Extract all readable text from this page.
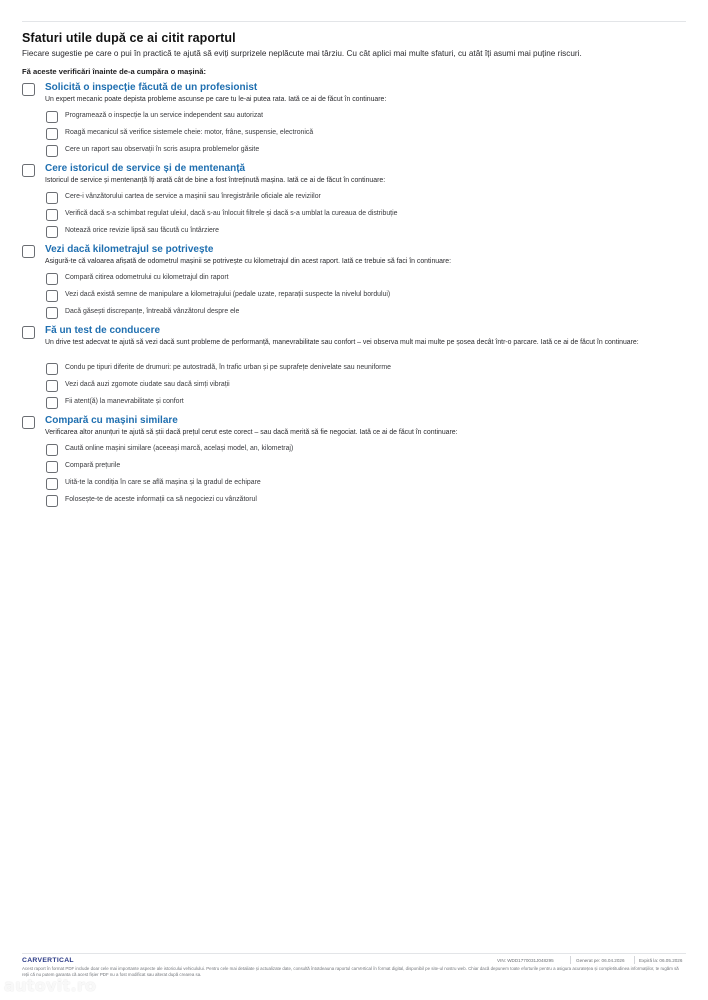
Sfaturi utile după ce ai citit raportul
Fiecare sugestie pe care o pui în practică te ajută să eviți surprizele neplăcute mai târziu. Cu cât aplici mai multe sfaturi, cu atât îți asumi mai puține riscuri.
Fă aceste verificări înainte de-a cumpăra o mașină:
Solicită o inspecție făcută de un profesionist
Un expert mecanic poate depista probleme ascunse pe care tu le-ai putea rata. Iată ce ai de făcut în continuare:
Programează o inspecție la un service independent sau autorizat
Roagă mecanicul să verifice sistemele cheie: motor, frâne, suspensie, electronică
Cere un raport sau observații în scris asupra problemelor găsite
Cere istoricul de service și de mentenanță
Istoricul de service și mentenanță îți arată cât de bine a fost întreținută mașina. Iată ce ai de făcut în continuare:
Cere-i vânzătorului cartea de service a mașinii sau înregistrările oficiale ale reviziilor
Verifică dacă s-a schimbat regulat uleiul, dacă s-au înlocuit filtrele și dacă s-a umblat la cureaua de distribuție
Notează orice revizie lipsă sau făcută cu întârziere
Vezi dacă kilometrajul se potrivește
Asigură-te că valoarea afișată de odometrul mașinii se potrivește cu kilometrajul din acest raport. Iată ce trebuie să faci în continuare:
Compară citirea odometrului cu kilometrajul din raport
Vezi dacă există semne de manipulare a kilometrajului (pedale uzate, reparații suspecte la nivelul bordului)
Dacă găsești discrepanțe, întreabă vânzătorul despre ele
Fă un test de conducere
Un drive test adecvat te ajută să vezi dacă sunt probleme de performanță, manevrabilitate sau confort – vei observa mult mai multe pe șosea decât într-o parcare. Iată ce ai de făcut în continuare:
Condu pe tipuri diferite de drumuri: pe autostradă, în trafic urban și pe suprafețe denivelate sau neuniforme
Vezi dacă auzi zgomote ciudate sau dacă simți vibrații
Fii atent(ă) la manevrabilitate și confort
Compară cu mașini similare
Verificarea altor anunțuri te ajută să știi dacă prețul cerut este corect – sau dacă merită să fie negociat. Iată ce ai de făcut în continuare:
Caută online mașini similare (aceeași marcă, același model, an, kilometraj)
Compară prețurile
Uită-te la condiția în care se află mașina și la gradul de echipare
Folosește-te de aceste informații ca să negociezi cu vânzătorul
CARVERTICAL	VIN: WDD1770031J048295	Generat pe: 06.04.2026	Expiră la: 06.05.2026
Acest raport în format PDF include doar cele mai importante aspecte ale istoricului vehiculului. Pentru cele mai detaliate și actualizate date, consultă întotdeauna raportul carVertical în format digital, disponibil pe site-ul nostru web. Chiar dacă depunem toate eforturile pentru a asigura acuratețea și completitudinea informațiilor, te rugăm să reții că nu putem garanta că acest fișier PDF nu a fost modificat sau alterat după crearea sa.
autovit.ro
